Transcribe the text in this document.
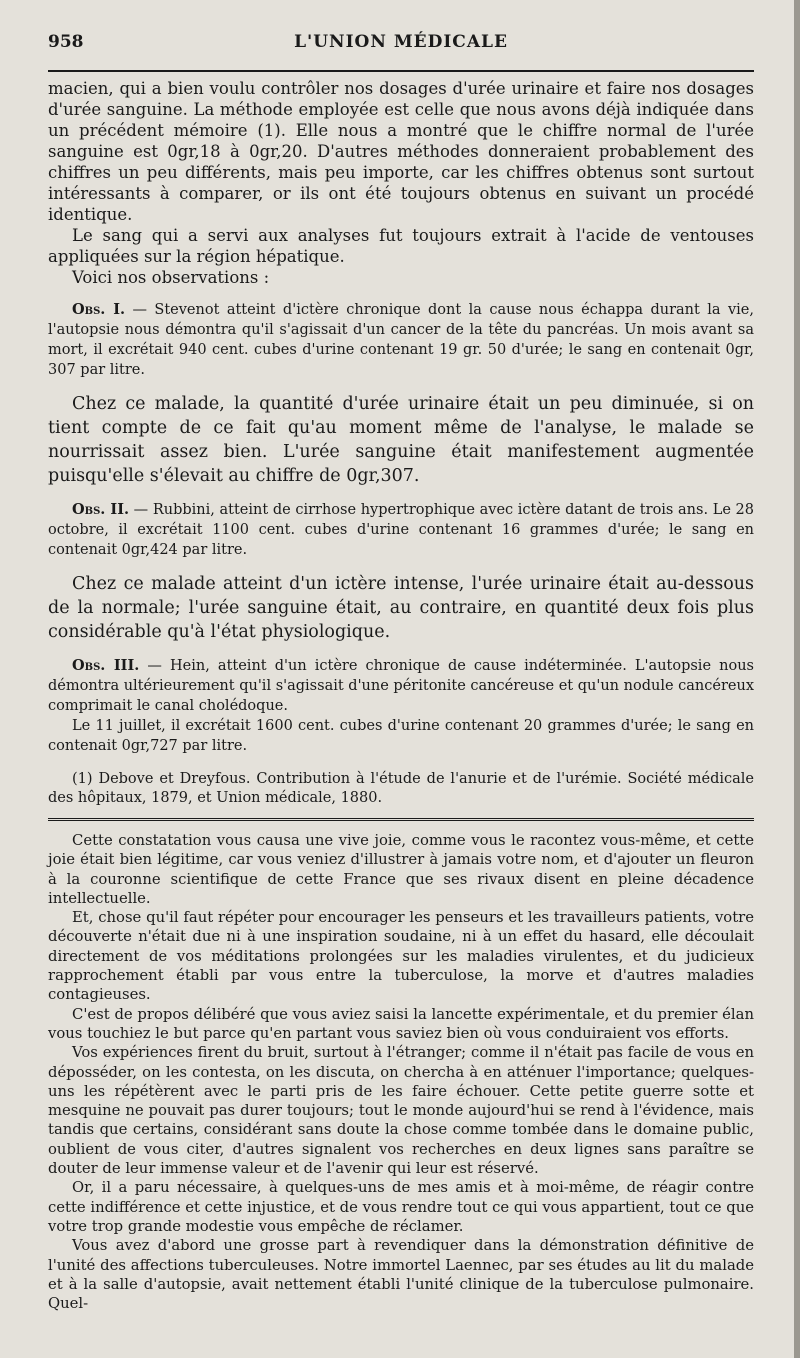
958	L'UNION MÉDICALE

macien, qui a bien voulu contrôler nos dosages d'urée urinaire et faire nos dosages d'urée sanguine. La méthode employée est celle que nous avons déjà indiquée dans un précédent mémoire (1). Elle nous a montré que le chiffre normal de l'urée sanguine est 0gr,18 à 0gr,20. D'autres méthodes donneraient probablement des chiffres un peu différents, mais peu importe, car les chiffres obtenus sont surtout intéressants à comparer, or ils ont été toujours obtenus en suivant un procédé identique.

Le sang qui a servi aux analyses fut toujours extrait à l'acide de ventouses appliquées sur la région hépatique.

Voici nos observations :

Obs. I. — Stevenot atteint d'ictère chronique dont la cause nous échappa durant la vie, l'autopsie nous démontra qu'il s'agissait d'un cancer de la tête du pancréas. Un mois avant sa mort, il excrétait 940 cent. cubes d'urine contenant 19 gr. 50 d'urée; le sang en contenait 0gr, 307 par litre.

Chez ce malade, la quantité d'urée urinaire était un peu diminuée, si on tient compte de ce fait qu'au moment même de l'analyse, le malade se nourrissait assez bien. L'urée sanguine était manifestement augmentée puisqu'elle s'élevait au chiffre de 0gr,307.

Obs. II. — Rubbini, atteint de cirrhose hypertrophique avec ictère datant de trois ans. Le 28 octobre, il excrétait 1100 cent. cubes d'urine contenant 16 grammes d'urée; le sang en contenait 0gr,424 par litre.

Chez ce malade atteint d'un ictère intense, l'urée urinaire était au-dessous de la normale; l'urée sanguine était, au contraire, en quantité deux fois plus considérable qu'à l'état physiologique.

Obs. III. — Hein, atteint d'un ictère chronique de cause indéterminée. L'autopsie nous démontra ultérieurement qu'il s'agissait d'une péritonite cancéreuse et qu'un nodule cancéreux comprimait le canal cholédoque.

Le 11 juillet, il excrétait 1600 cent. cubes d'urine contenant 20 grammes d'urée; le sang en contenait 0gr,727 par litre.

(1) Debove et Dreyfous. Contribution à l'étude de l'anurie et de l'urémie. Société médicale des hôpitaux, 1879, et Union médicale, 1880.

Cette constatation vous causa une vive joie, comme vous le racontez vous-même, et cette joie était bien légitime, car vous veniez d'illustrer à jamais votre nom, et d'ajouter un fleuron à la couronne scientifique de cette France que ses rivaux disent en pleine décadence intellectuelle.

Et, chose qu'il faut répéter pour encourager les penseurs et les travailleurs patients, votre découverte n'était due ni à une inspiration soudaine, ni à un effet du hasard, elle découlait directement de vos méditations prolongées sur les maladies virulentes, et du judicieux rapprochement établi par vous entre la tuberculose, la morve et d'autres maladies contagieuses.

C'est de propos délibéré que vous aviez saisi la lancette expérimentale, et du premier élan vous touchiez le but parce qu'en partant vous saviez bien où vous conduiraient vos efforts.

Vos expériences firent du bruit, surtout à l'étranger; comme il n'était pas facile de vous en déposséder, on les contesta, on les discuta, on chercha à en atténuer l'importance; quelques-uns les répétèrent avec le parti pris de les faire échouer. Cette petite guerre sotte et mesquine ne pouvait pas durer toujours; tout le monde aujourd'hui se rend à l'évidence, mais tandis que certains, considérant sans doute la chose comme tombée dans le domaine public, oublient de vous citer, d'autres signalent vos recherches en deux lignes sans paraître se douter de leur immense valeur et de l'avenir qui leur est réservé.

Or, il a paru nécessaire, à quelques-uns de mes amis et à moi-même, de réagir contre cette indifférence et cette injustice, et de vous rendre tout ce qui vous appartient, tout ce que votre trop grande modestie vous empêche de réclamer.

Vous avez d'abord une grosse part à revendiquer dans la démonstration définitive de l'unité des affections tuberculeuses. Notre immortel Laennec, par ses études au lit du malade et à la salle d'autopsie, avait nettement établi l'unité clinique de la tuberculose pulmonaire. Quel-
